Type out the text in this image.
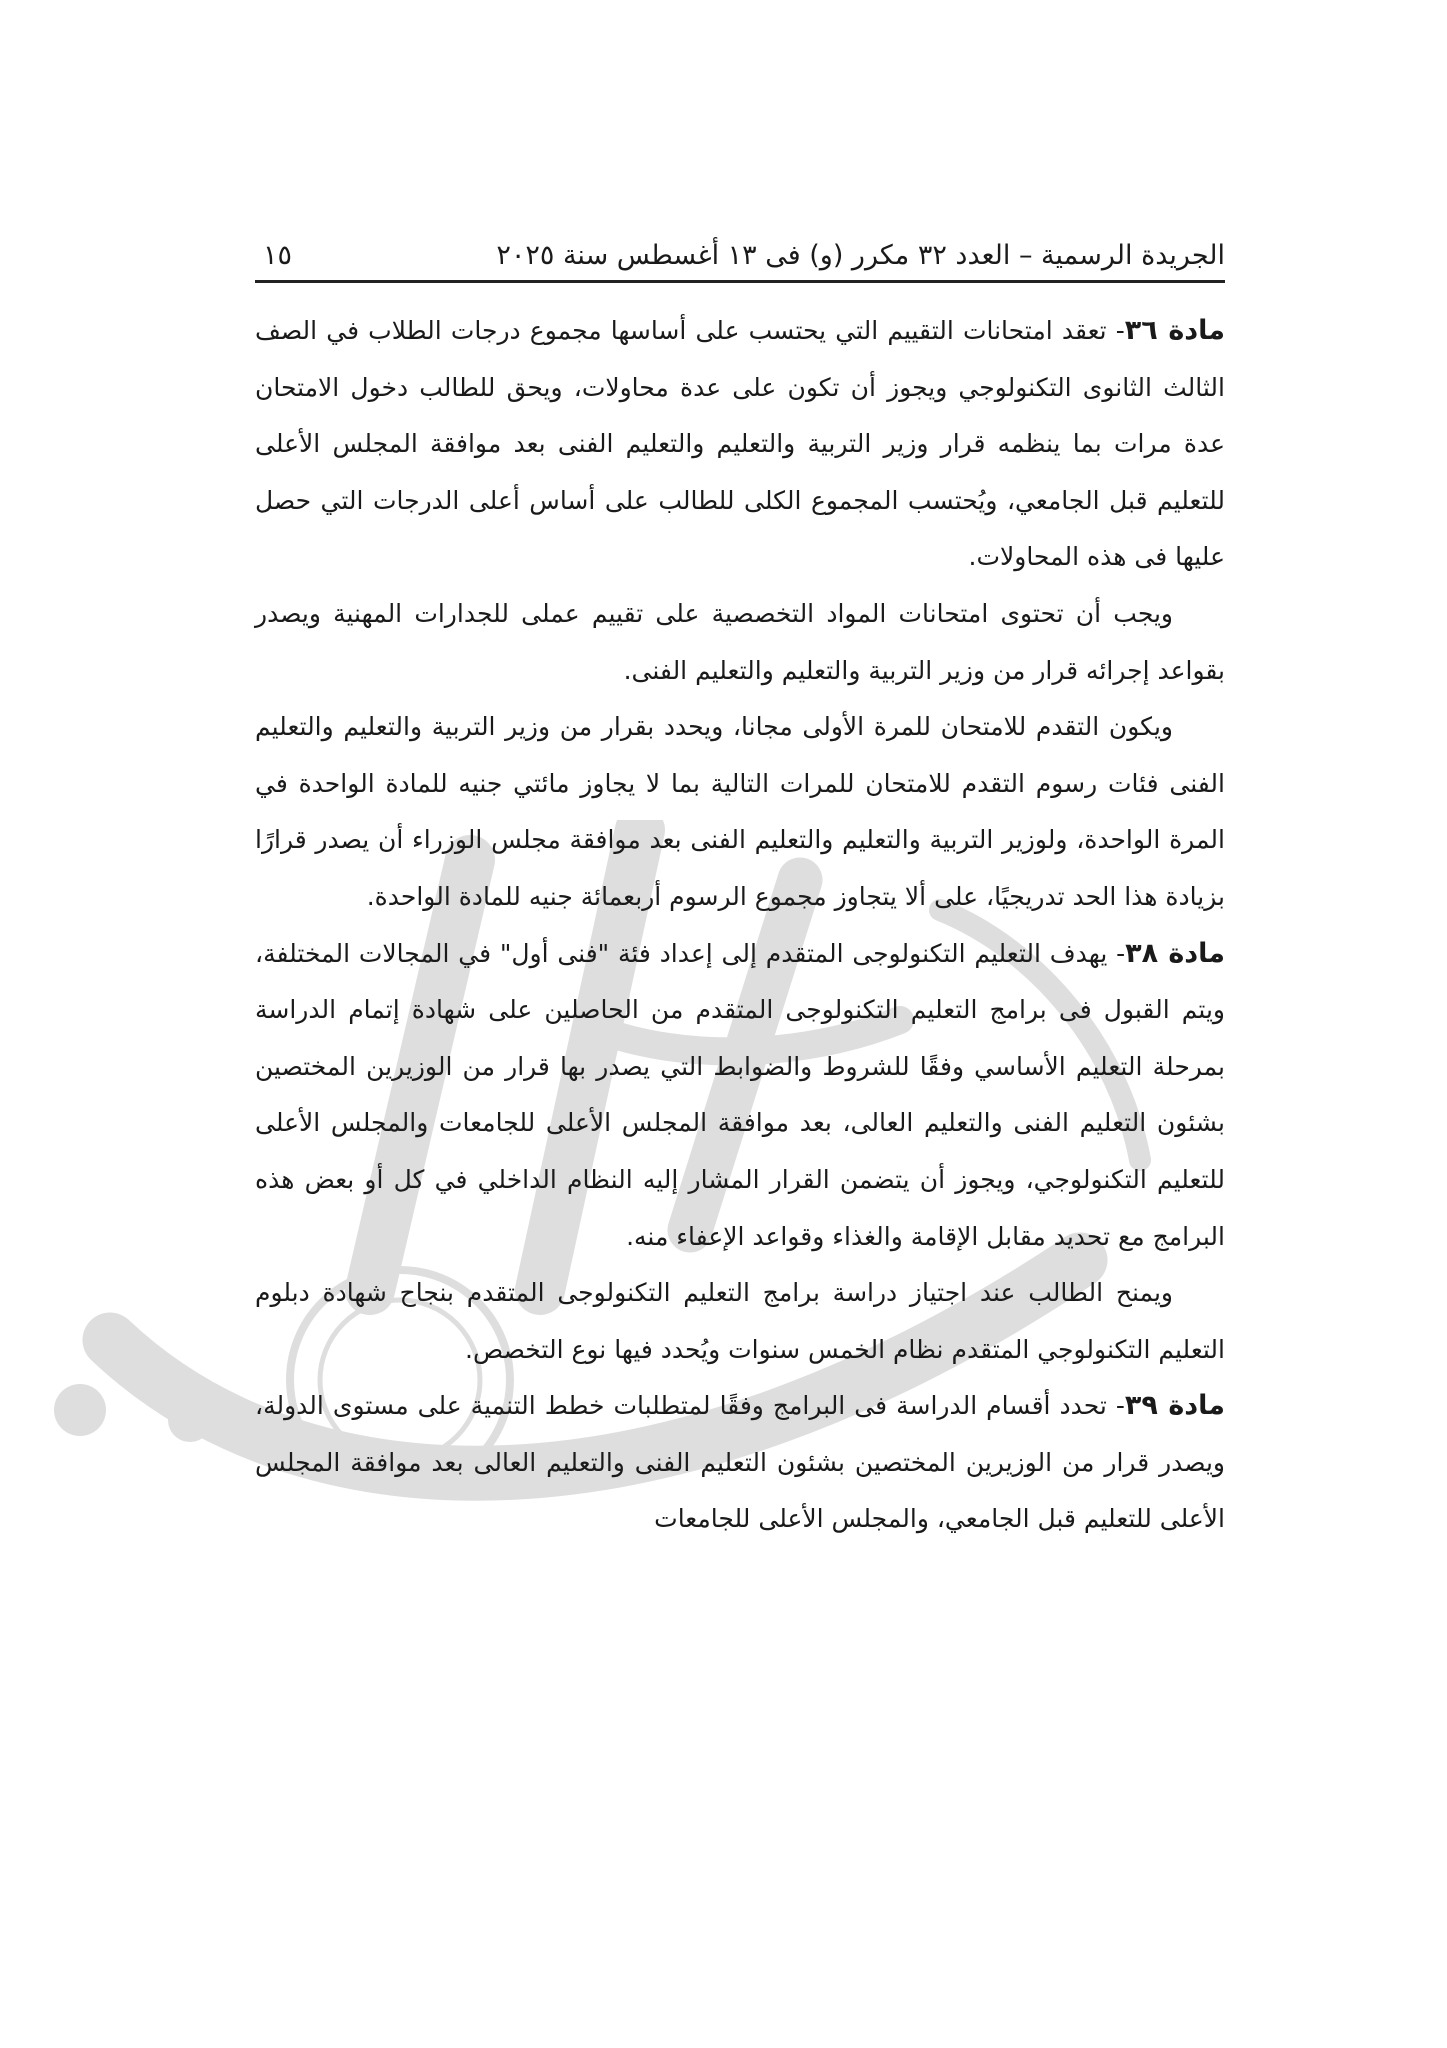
الجريدة الرسمية – العدد ٣٢ مكرر (و) فى ١٣ أغسطس سنة ٢٠٢٥
١٥

مادة ٣٦- تعقد امتحانات التقييم التي يحتسب على أساسها مجموع درجات الطلاب في الصف الثالث الثانوى التكنولوجي ويجوز أن تكون على عدة محاولات، ويحق للطالب دخول الامتحان عدة مرات بما ينظمه قرار وزير التربية والتعليم والتعليم الفنى بعد موافقة المجلس الأعلى للتعليم قبل الجامعي، ويُحتسب المجموع الكلى للطالب على أساس أعلى الدرجات التي حصل عليها فى هذه المحاولات.

ويجب أن تحتوى امتحانات المواد التخصصية على تقييم عملى للجدارات المهنية ويصدر بقواعد إجرائه قرار من وزير التربية والتعليم والتعليم الفنى.

ويكون التقدم للامتحان للمرة الأولى مجانا، ويحدد بقرار من وزير التربية والتعليم والتعليم الفنى فئات رسوم التقدم للامتحان للمرات التالية بما لا يجاوز مائتي جنيه للمادة الواحدة في المرة الواحدة، ولوزير التربية والتعليم والتعليم الفنى بعد موافقة مجلس الوزراء أن يصدر قرارًا بزيادة هذا الحد تدريجيًا، على ألا يتجاوز مجموع الرسوم أربعمائة جنيه للمادة الواحدة.

مادة ٣٨- يهدف التعليم التكنولوجى المتقدم إلى إعداد فئة "فنى أول" في المجالات المختلفة، ويتم القبول فى برامج التعليم التكنولوجى المتقدم من الحاصلين على شهادة إتمام الدراسة بمرحلة التعليم الأساسي وفقًا للشروط والضوابط التي يصدر بها قرار من الوزيرين المختصين بشئون التعليم الفنى والتعليم العالى، بعد موافقة المجلس الأعلى للجامعات والمجلس الأعلى للتعليم التكنولوجي، ويجوز أن يتضمن القرار المشار إليه النظام الداخلي في كل أو بعض هذه البرامج مع تحديد مقابل الإقامة والغذاء وقواعد الإعفاء منه.

ويمنح الطالب عند اجتياز دراسة برامج التعليم التكنولوجى المتقدم بنجاح شهادة دبلوم التعليم التكنولوجي المتقدم نظام الخمس سنوات ويُحدد فيها نوع التخصص.

مادة ٣٩- تحدد أقسام الدراسة فى البرامج وفقًا لمتطلبات خطط التنمية على مستوى الدولة، ويصدر قرار من الوزيرين المختصين بشئون التعليم الفنى والتعليم العالى بعد موافقة المجلس الأعلى للتعليم قبل الجامعي، والمجلس الأعلى للجامعات
